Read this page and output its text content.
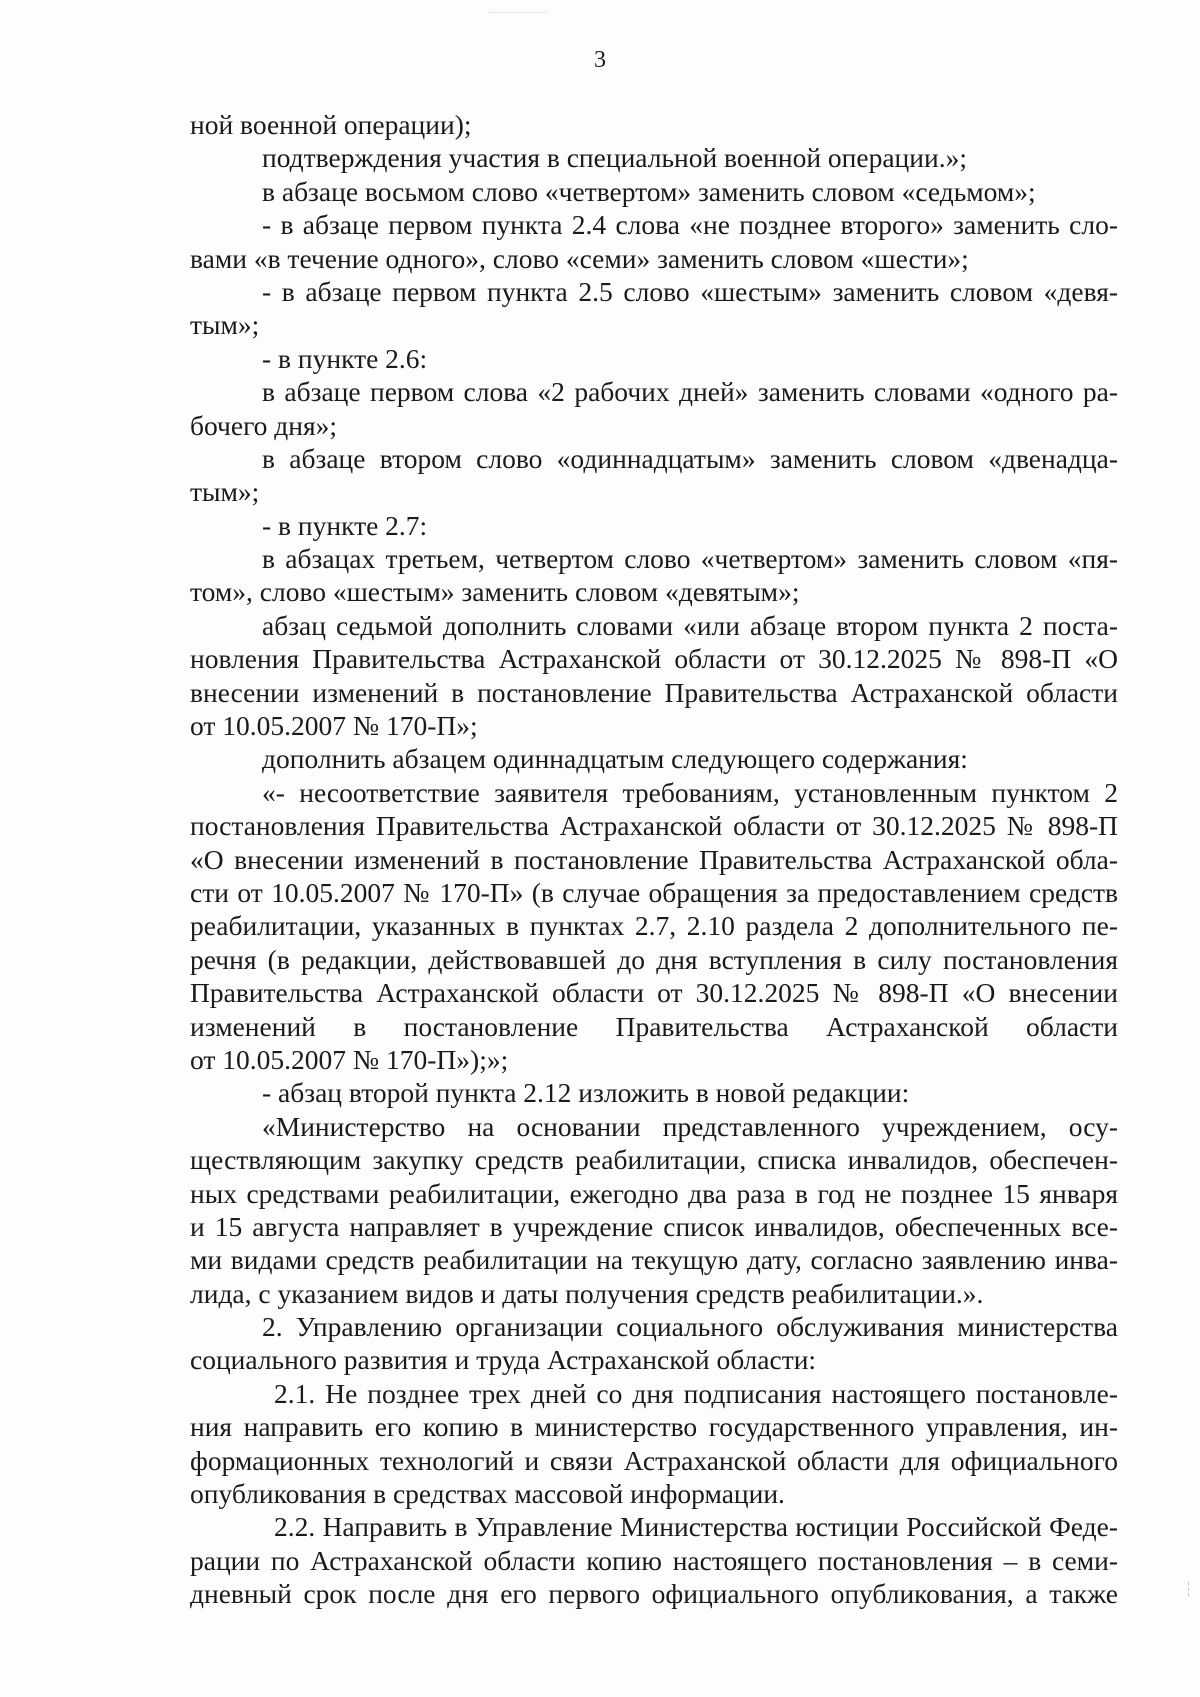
3
ной военной операции);
подтверждения участия в специальной военной операции.»;
в абзаце восьмом слово «четвертом» заменить словом «седьмом»;
- в абзаце первом пункта 2.4 слова «не позднее второго» заменить сло-
вами «в течение одного», слово «семи» заменить словом «шести»;
- в абзаце первом пункта 2.5 слово «шестым» заменить словом «девя-
тым»;
- в пункте 2.6:
в абзаце первом слова «2 рабочих дней» заменить словами «одного ра-
бочего дня»;
в абзаце втором слово «одиннадцатым» заменить словом «двенадца-
тым»;
- в пункте 2.7:
в абзацах третьем, четвертом слово «четвертом» заменить словом «пя-
том», слово «шестым» заменить словом «девятым»;
абзац седьмой дополнить словами «или абзаце втором пункта 2 поста-
новления Правительства Астраханской области от 30.12.2025 № 898-П «О
внесении изменений в постановление Правительства Астраханской области
от 10.05.2007 № 170-П»;
дополнить абзацем одиннадцатым следующего содержания:
«- несоответствие заявителя требованиям, установленным пунктом 2
постановления Правительства Астраханской области от 30.12.2025 № 898-П
«О внесении изменений в постановление Правительства Астраханской обла-
сти от 10.05.2007 № 170-П» (в случае обращения за предоставлением средств
реабилитации, указанных в пунктах 2.7, 2.10 раздела 2 дополнительного пе-
речня (в редакции, действовавшей до дня вступления в силу постановления
Правительства Астраханской области от 30.12.2025 № 898-П «О внесении
изменений в постановление Правительства Астраханской области
от 10.05.2007 № 170-П»);»;
- абзац второй пункта 2.12 изложить в новой редакции:
«Министерство на основании представленного учреждением, осу-
ществляющим закупку средств реабилитации, списка инвалидов, обеспечен-
ных средствами реабилитации, ежегодно два раза в год не позднее 15 января
и 15 августа направляет в учреждение список инвалидов, обеспеченных все-
ми видами средств реабилитации на текущую дату, согласно заявлению инва-
лида, с указанием видов и даты получения средств реабилитации.».
2. Управлению организации социального обслуживания министерства
социального развития и труда Астраханской области:
2.1. Не позднее трех дней со дня подписания настоящего постановле-
ния направить его копию в министерство государственного управления, ин-
формационных технологий и связи Астраханской области для официального
опубликования в средствах массовой информации.
2.2. Направить в Управление Министерства юстиции Российской Феде-
рации по Астраханской области копию настоящего постановления – в семи-
дневный срок после дня его первого официального опубликования, а также
